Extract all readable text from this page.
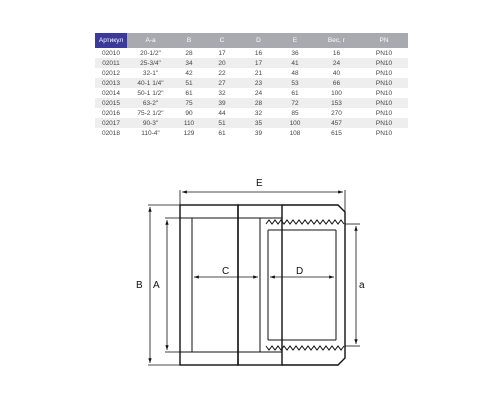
Артикул	A-a	B	C	D	E	Вес, г	PN
02010	20-1/2"	28	17	16	36	16	PN10
02011	25-3/4"	34	20	17	41	24	PN10
02012	32-1"	42	22	21	48	40	PN10
02013	40-1 1/4"	51	27	23	53	66	PN10
02014	50-1 1/2"	61	32	24	61	100	PN10
02015	63-2"	75	39	28	72	153	PN10
02016	75-2 1/2"	90	44	32	85	270	PN10
02017	90-3"	110	51	35	100	457	PN10
02018	110-4"	129	61	39	108	615	PN10
E
B A
C	D
a
